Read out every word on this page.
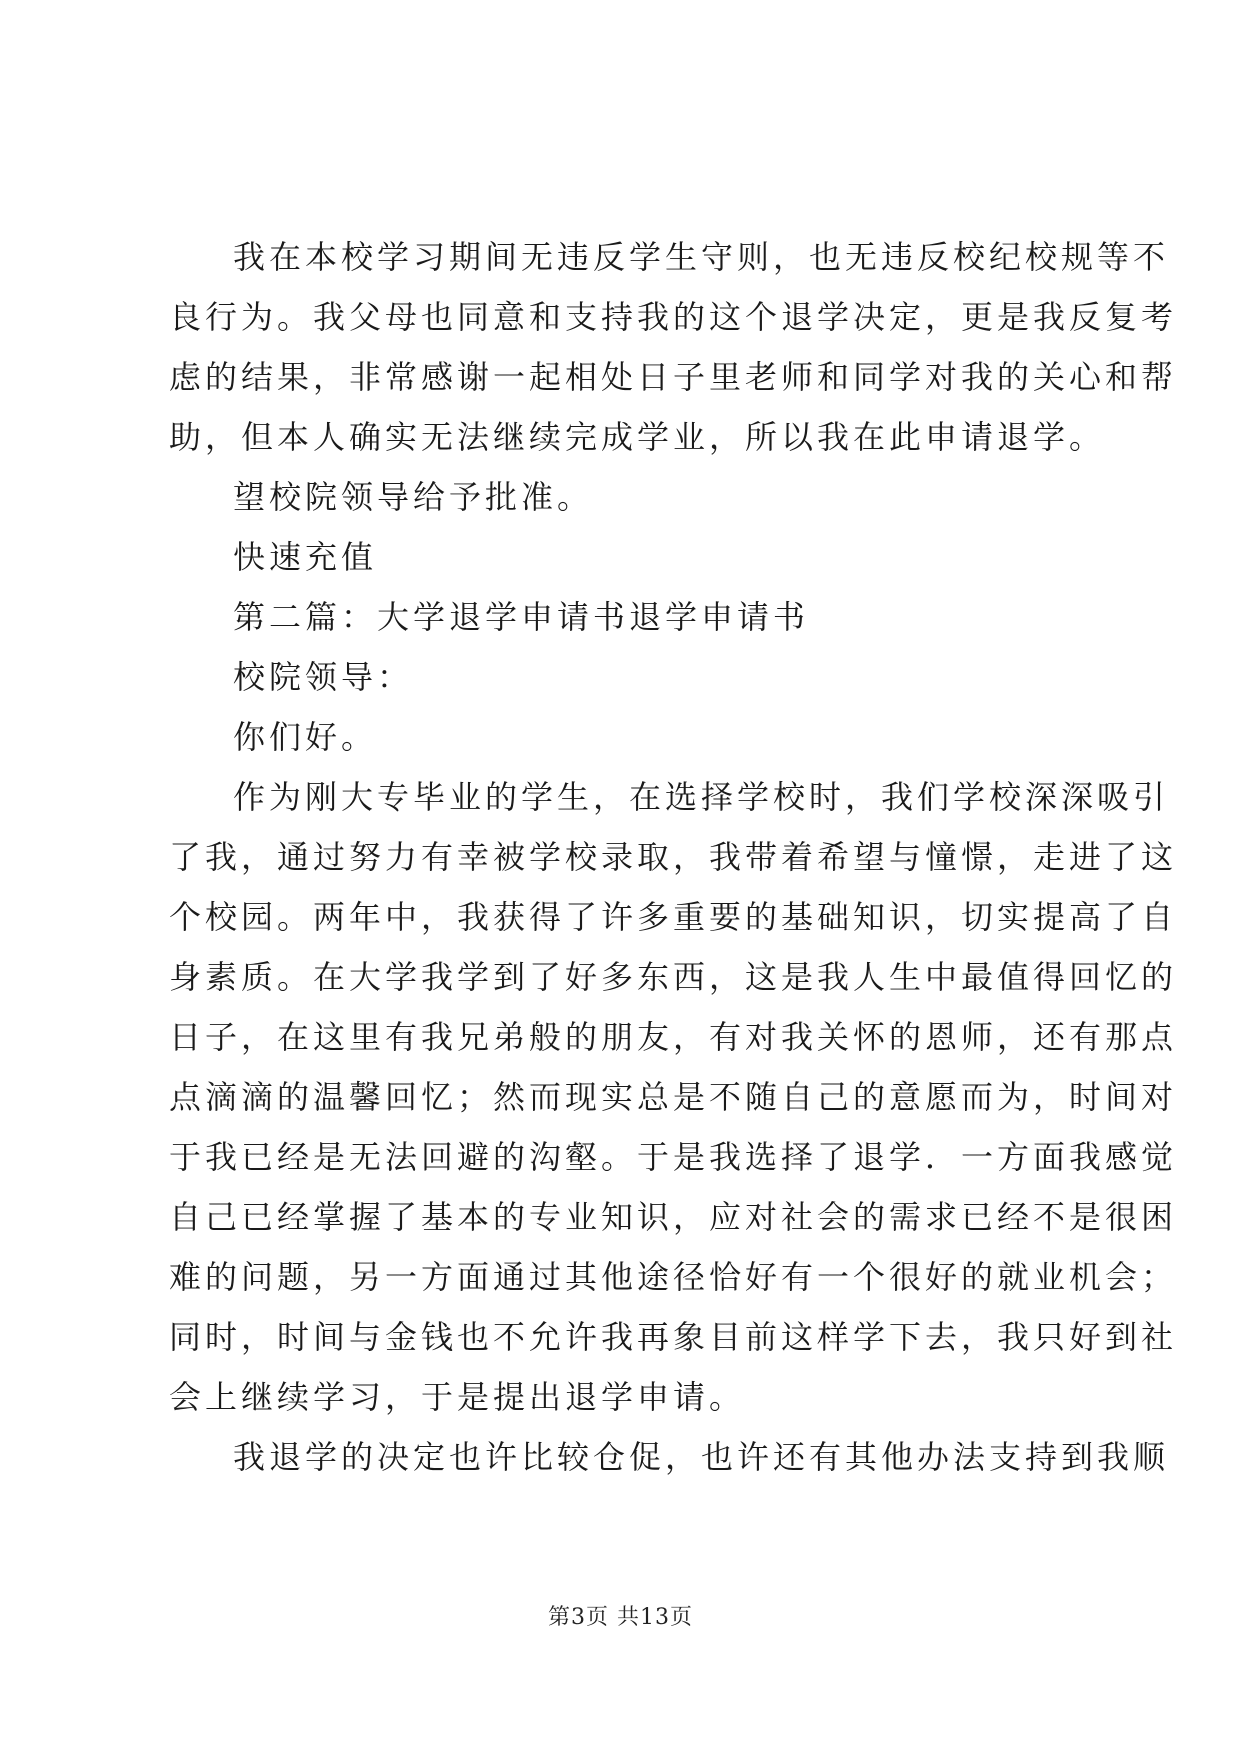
我在本校学习期间无违反学生守则，也无违反校纪校规等不
良行为。我父母也同意和支持我的这个退学决定，更是我反复考
虑的结果，非常感谢一起相处日子里老师和同学对我的关心和帮
助，但本人确实无法继续完成学业，所以我在此申请退学。
望校院领导给予批准。
快速充值
第二篇：大学退学申请书退学申请书
校院领导：
你们好。
作为刚大专毕业的学生，在选择学校时，我们学校深深吸引
了我，通过努力有幸被学校录取，我带着希望与憧憬，走进了这
个校园。两年中，我获得了许多重要的基础知识，切实提高了自
身素质。在大学我学到了好多东西，这是我人生中最值得回忆的
日子，在这里有我兄弟般的朋友，有对我关怀的恩师，还有那点
点滴滴的温馨回忆；然而现实总是不随自己的意愿而为，时间对
于我已经是无法回避的沟壑。于是我选择了退学．一方面我感觉
自己已经掌握了基本的专业知识，应对社会的需求已经不是很困
难的问题，另一方面通过其他途径恰好有一个很好的就业机会；
同时，时间与金钱也不允许我再象目前这样学下去，我只好到社
会上继续学习，于是提出退学申请。
我退学的决定也许比较仓促，也许还有其他办法支持到我顺
第3页 共13页
